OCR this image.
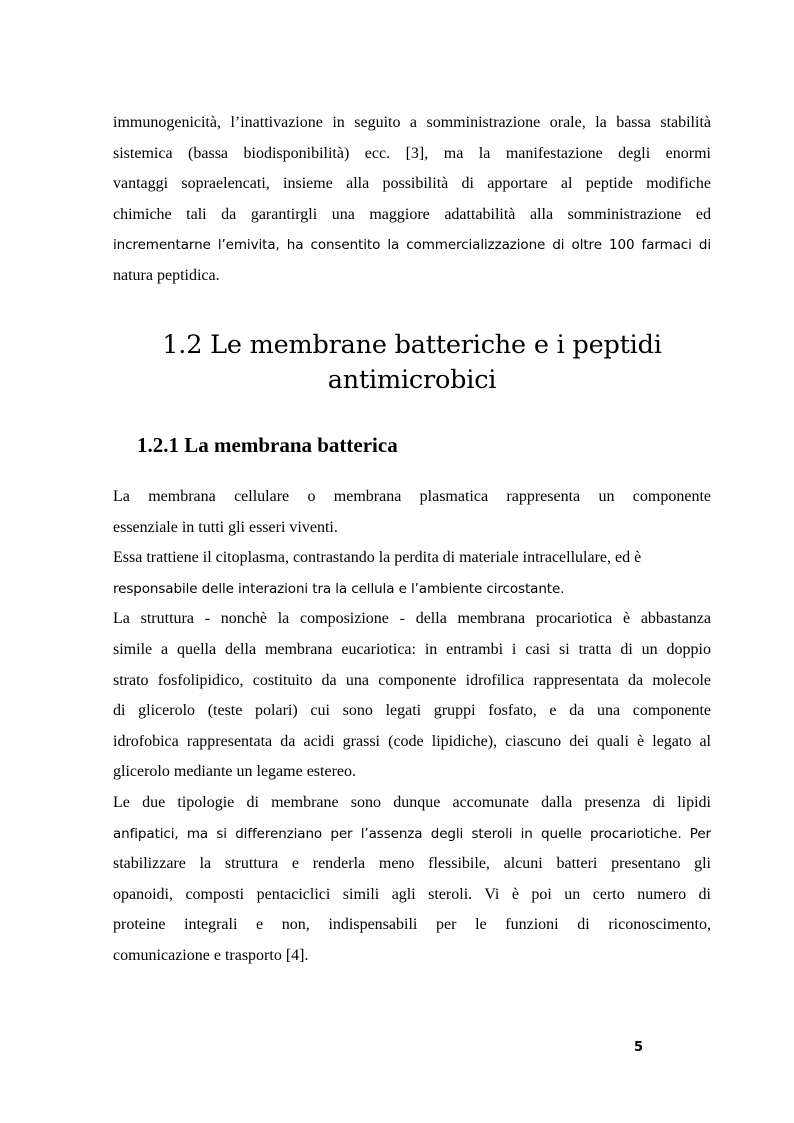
immunogenicità, l’inattivazione in seguito a somministrazione orale, la bassa stabilità
sistemica (bassa biodisponibilità) ecc. [3], ma la manifestazione degli enormi
vantaggi sopraelencati, insieme alla possibilità di apportare al peptide modifiche
chimiche tali da garantirgli una maggiore adattabilità alla somministrazione ed
incrementarne l’emivita, ha consentito la commercializzazione di oltre 100 farmaci di
natura peptidica.

1.2 Le membrane batteriche e i peptidi
antimicrobici
1.2.1 La membrana batterica

La membrana cellulare o membrana plasmatica rappresenta un componente
essenziale in tutti gli esseri viventi.
Essa trattiene il citoplasma, contrastando la perdita di materiale intracellulare, ed è
responsabile delle interazioni tra la cellula e l’ambiente circostante.
La struttura - nonchè la composizione - della membrana procariotica è abbastanza
simile a quella della membrana eucariotica: in entrambi i casi si tratta di un doppio
strato fosfolipidico, costituito da una componente idrofilica rappresentata da molecole
di glicerolo (teste polari) cui sono legati gruppi fosfato, e da una componente
idrofobica rappresentata da acidi grassi (code lipidiche), ciascuno dei quali è legato al
glicerolo mediante un legame estereo.
Le due tipologie di membrane sono dunque accomunate dalla presenza di lipidi
anfipatici, ma si differenziano per l’assenza degli steroli in quelle procariotiche. Per
stabilizzare la struttura e renderla meno flessibile, alcuni batteri presentano gli
opanoidi, composti pentaciclici simili agli steroli. Vi è poi un certo numero di
proteine integrali e non, indispensabili per le funzioni di riconoscimento,
comunicazione e trasporto [4].

5
